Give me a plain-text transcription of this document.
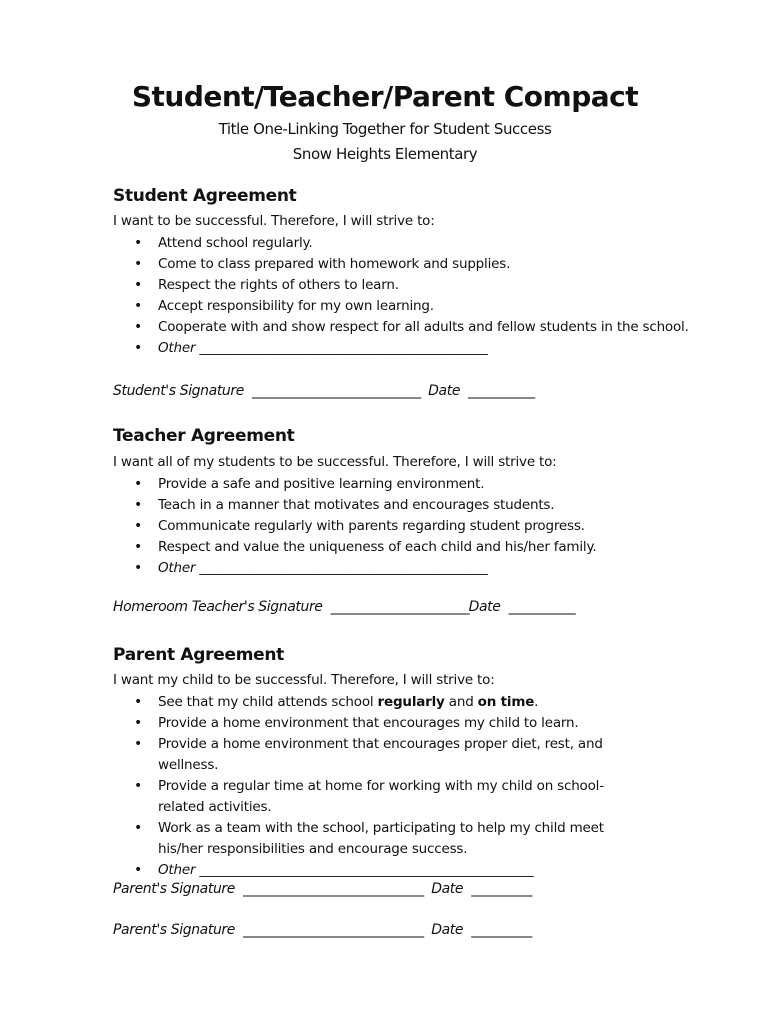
Student/Teacher/Parent Compact
Title One-Linking Together for Student Success
Snow Heights Elementary
Student Agreement
I want to be successful. Therefore, I will strive to:
• Attend school regularly.
• Come to class prepared with homework and supplies.
• Respect the rights of others to learn.
• Accept responsibility for my own learning.
• Cooperate with and show respect for all adults and fellow students in the school.
• Other ____________________________________________
Student's Signature ____________________________ Date ___________
Teacher Agreement
I want all of my students to be successful. Therefore, I will strive to:
• Provide a safe and positive learning environment.
• Teach in a manner that motivates and encourages students.
• Communicate regularly with parents regarding student progress.
• Respect and value the uniqueness of each child and his/her family.
• Other ____________________________________________
Homeroom Teacher's Signature _______________________Date ___________
Parent Agreement
I want my child to be successful. Therefore, I will strive to:
• See that my child attends school regularly and on time.
• Provide a home environment that encourages my child to learn.
• Provide a home environment that encourages proper diet, rest, and wellness.
• Provide a regular time at home for working with my child on school-related activities.
• Work as a team with the school, participating to help my child meet his/her responsibilities and encourage success.
• Other ___________________________________________________
Parent's Signature ______________________________ Date __________
Parent's Signature ______________________________ Date __________
